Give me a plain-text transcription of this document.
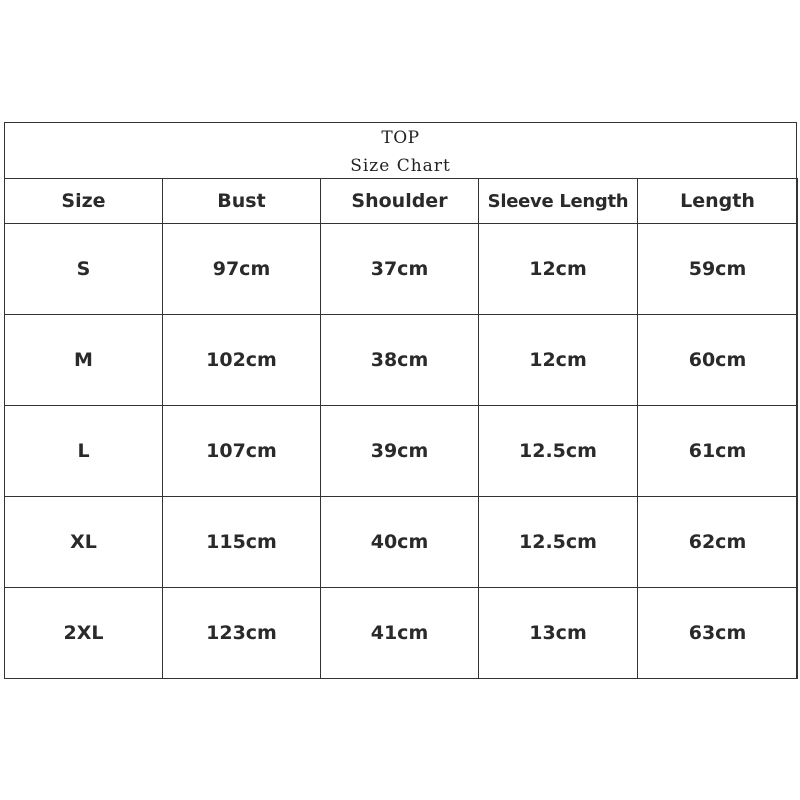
TOP
Size Chart
Size	Bust	Shoulder	Sleeve Length	Length
S	97cm	37cm	12cm	59cm
M	102cm	38cm	12cm	60cm
L	107cm	39cm	12.5cm	61cm
XL	115cm	40cm	12.5cm	62cm
2XL	123cm	41cm	13cm	63cm
